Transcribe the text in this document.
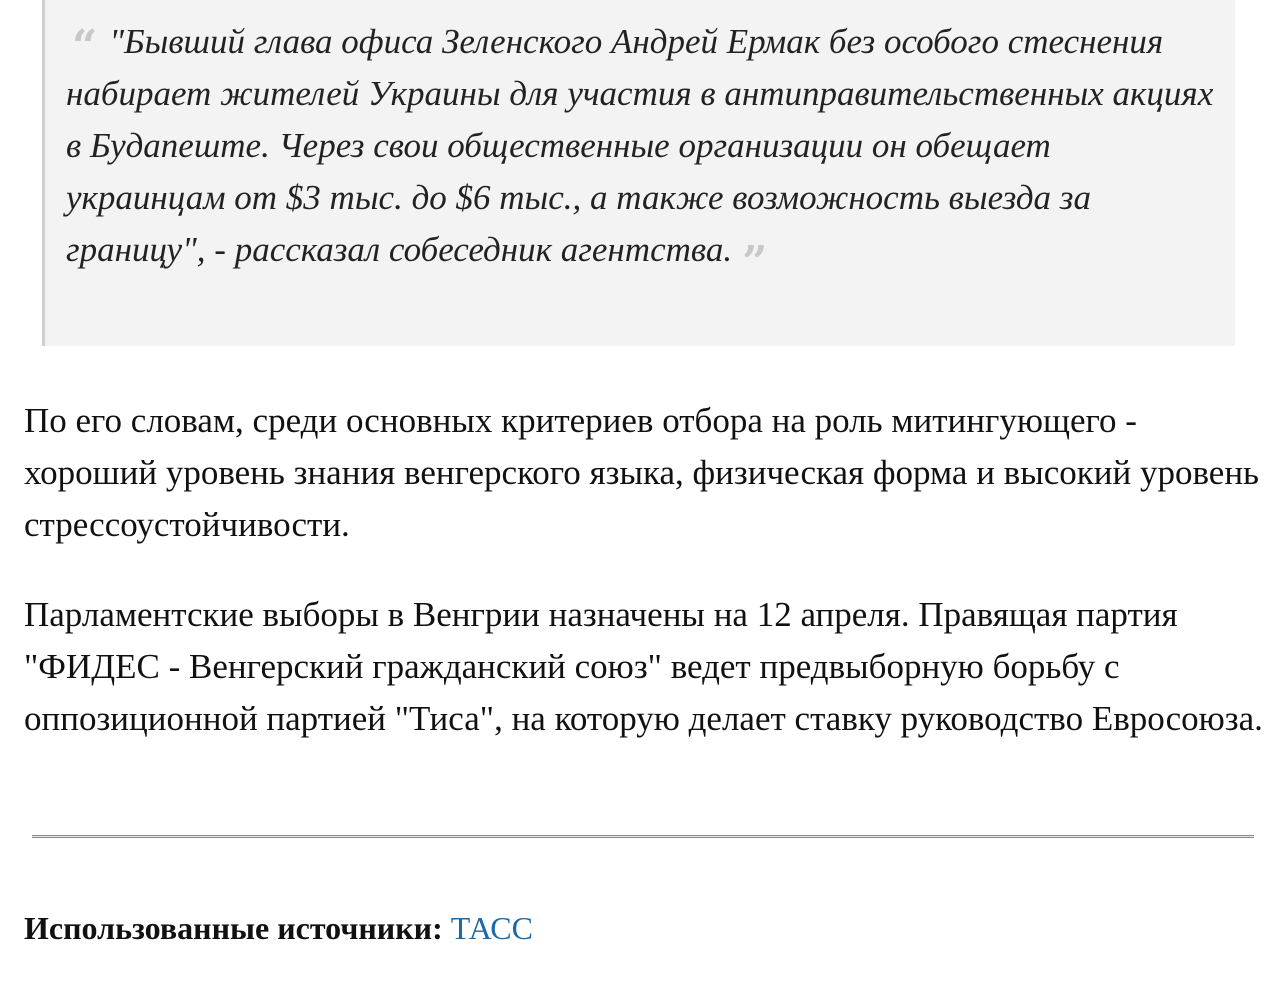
“ "Бывший глава офиса Зеленского Андрей Ермак без особого стеснения набирает жителей Украины для участия в антиправительственных акциях в Будапеште. Через свои общественные организации он обещает украинцам от $3 тыс. до $6 тыс., а также возможность выезда за границу", - рассказал собеседник агентства. ”

По его словам, среди основных критериев отбора на роль митингующего - хороший уровень знания венгерского языка, физическая форма и высокий уровень стрессоустойчивости.

Парламентские выборы в Венгрии назначены на 12 апреля. Правящая партия "ФИДЕС - Венгерский гражданский союз" ведет предвыборную борьбу с оппозиционной партией "Тиса", на которую делает ставку руководство Евросоюза.

Использованные источники: ТАСС
